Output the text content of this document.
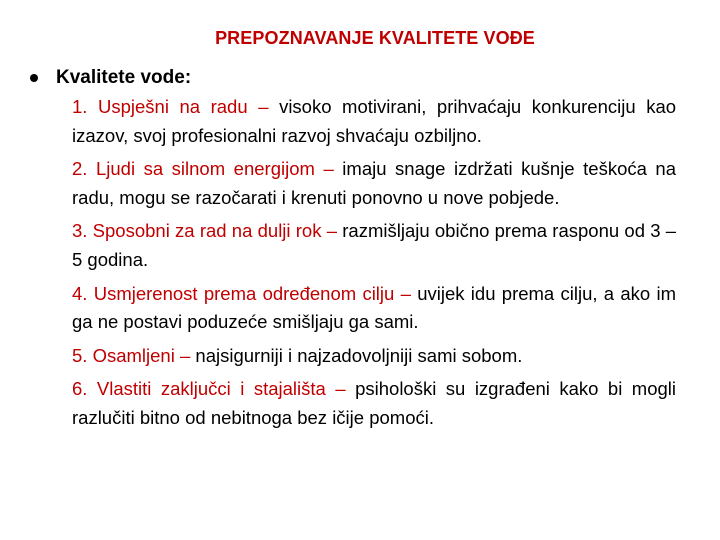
PREPOZNAVANJE KVALITETE VOĐE
Kvalitete vode:
1. Uspješni na radu – visoko motivirani, prihvaćaju konkurenciju kao izazov, svoj profesionalni razvoj shvaćaju ozbiljno.
2. Ljudi sa silnom energijom – imaju snage izdržati kušnje teškoća na radu, mogu se razočarati i krenuti ponovno u nove pobjede.
3. Sposobni za rad na dulji rok – razmišljaju obično prema rasponu od 3 – 5 godina.
4. Usmjerenost prema određenom cilju – uvijek idu prema cilju, a ako im ga ne postavi poduzeće smišljaju ga sami.
5. Osamljeni – najsigurniji i najzadovoljniji sami sobom.
6. Vlastiti zaključci i stajališta – psihološki su izgrađeni kako bi mogli razlučiti bitno od nebitnoga bez ičije pomoći.
